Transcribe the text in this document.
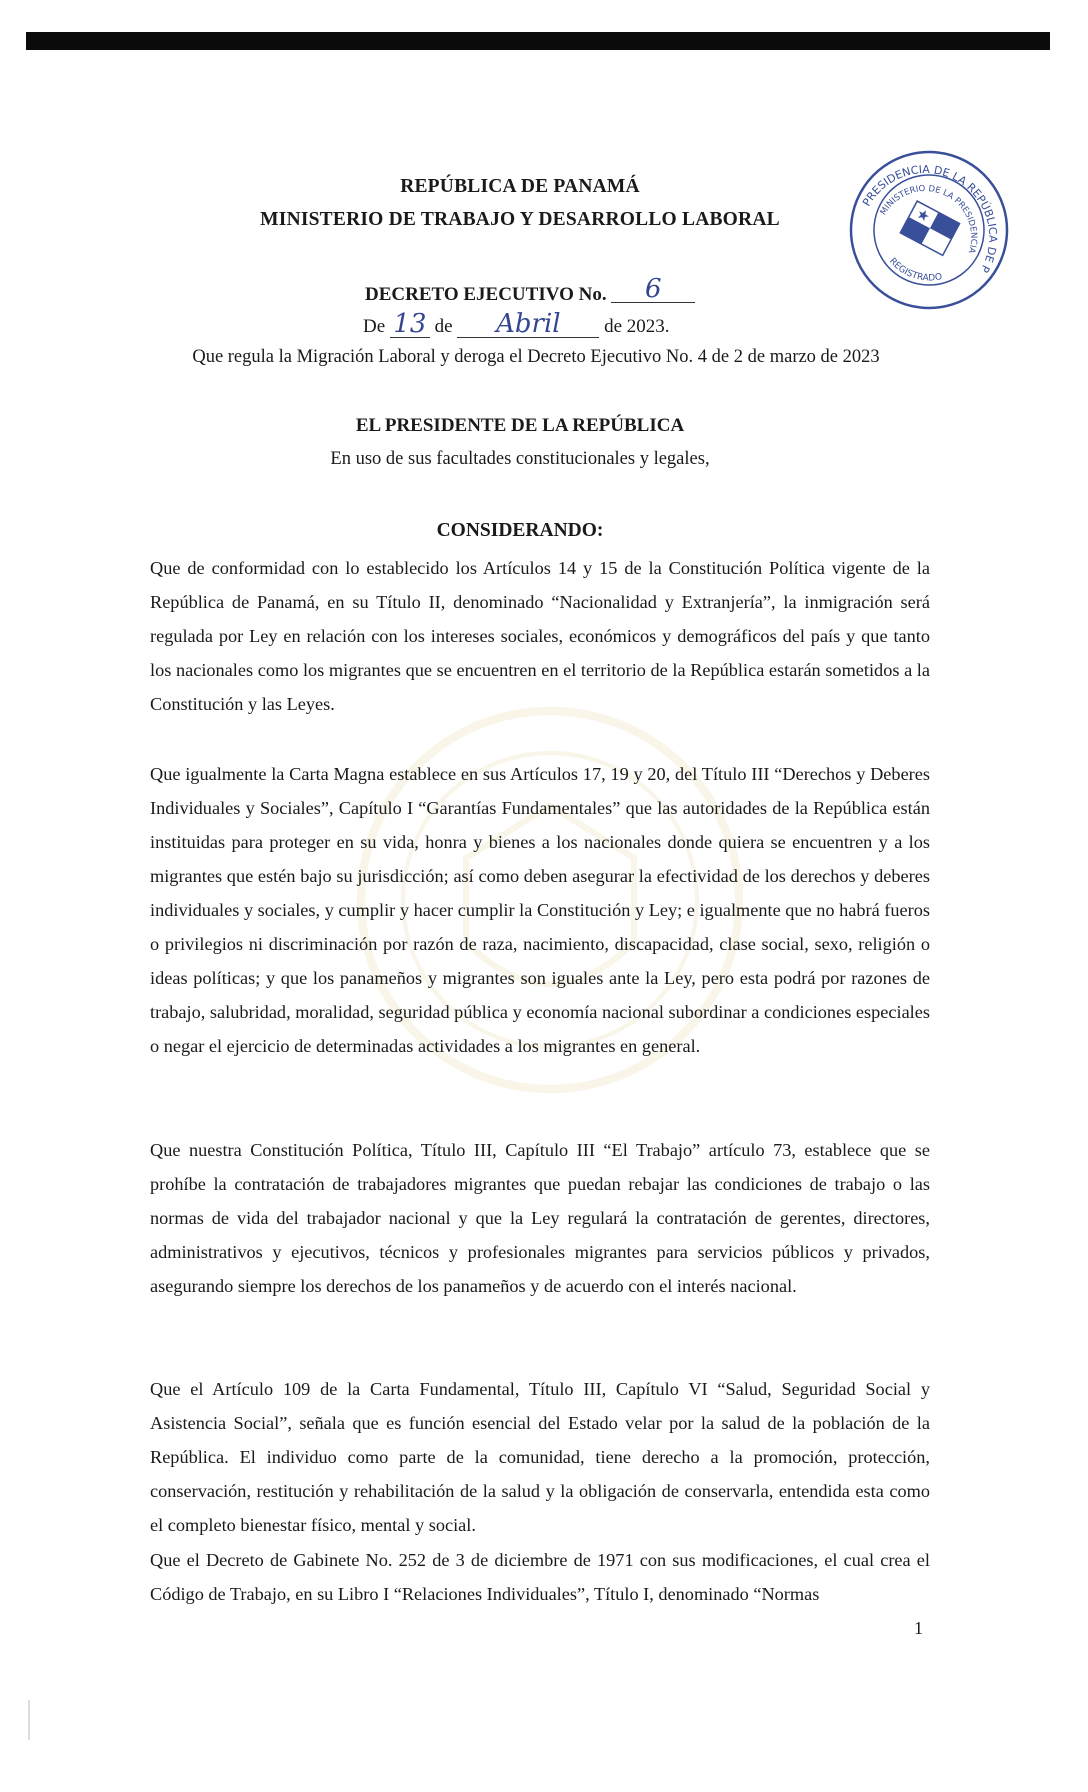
REPÚBLICA DE PANAMÁ
MINISTERIO DE TRABAJO Y DESARROLLO LABORAL
PRESIDENCIA DE LA REPÚBLICA DE PANAMÁ
MINISTERIO DE LA PRESIDENCIA
REGISTRADO
DECRETO EJECUTIVO No. 6
De 13 de Abril de 2023.
Que regula la Migración Laboral y deroga el Decreto Ejecutivo No. 4 de 2 de marzo de 2023
EL PRESIDENTE DE LA REPÚBLICA
En uso de sus facultades constitucionales y legales,
CONSIDERANDO:
Que de conformidad con lo establecido los Artículos 14 y 15 de la Constitución Política vigente de la República de Panamá, en su Título II, denominado “Nacionalidad y Extranjería”, la inmigración será regulada por Ley en relación con los intereses sociales, económicos y demográficos del país y que tanto los nacionales como los migrantes que se encuentren en el territorio de la República estarán sometidos a la Constitución y las Leyes.
Que igualmente la Carta Magna establece en sus Artículos 17, 19 y 20, del Título III “Derechos y Deberes Individuales y Sociales”, Capítulo I “Garantías Fundamentales” que las autoridades de la República están instituidas para proteger en su vida, honra y bienes a los nacionales donde quiera se encuentren y a los migrantes que estén bajo su jurisdicción; así como deben asegurar la efectividad de los derechos y deberes individuales y sociales, y cumplir y hacer cumplir la Constitución y Ley; e igualmente que no habrá fueros o privilegios ni discriminación por razón de raza, nacimiento, discapacidad, clase social, sexo, religión o ideas políticas; y que los panameños y migrantes son iguales ante la Ley, pero esta podrá por razones de trabajo, salubridad, moralidad, seguridad pública y economía nacional subordinar a condiciones especiales o negar el ejercicio de determinadas actividades a los migrantes en general.
Que nuestra Constitución Política, Título III, Capítulo III “El Trabajo” artículo 73, establece que se prohíbe la contratación de trabajadores migrantes que puedan rebajar las condiciones de trabajo o las normas de vida del trabajador nacional y que la Ley regulará la contratación de gerentes, directores, administrativos y ejecutivos, técnicos y profesionales migrantes para servicios públicos y privados, asegurando siempre los derechos de los panameños y de acuerdo con el interés nacional.
Que el Artículo 109 de la Carta Fundamental, Título III, Capítulo VI “Salud, Seguridad Social y Asistencia Social”, señala que es función esencial del Estado velar por la salud de la población de la República. El individuo como parte de la comunidad, tiene derecho a la promoción, protección, conservación, restitución y rehabilitación de la salud y la obligación de conservarla, entendida esta como el completo bienestar físico, mental y social.
Que el Decreto de Gabinete No. 252 de 3 de diciembre de 1971 con sus modificaciones, el cual crea el Código de Trabajo, en su Libro I “Relaciones Individuales”, Título I, denominado “Normas
1
